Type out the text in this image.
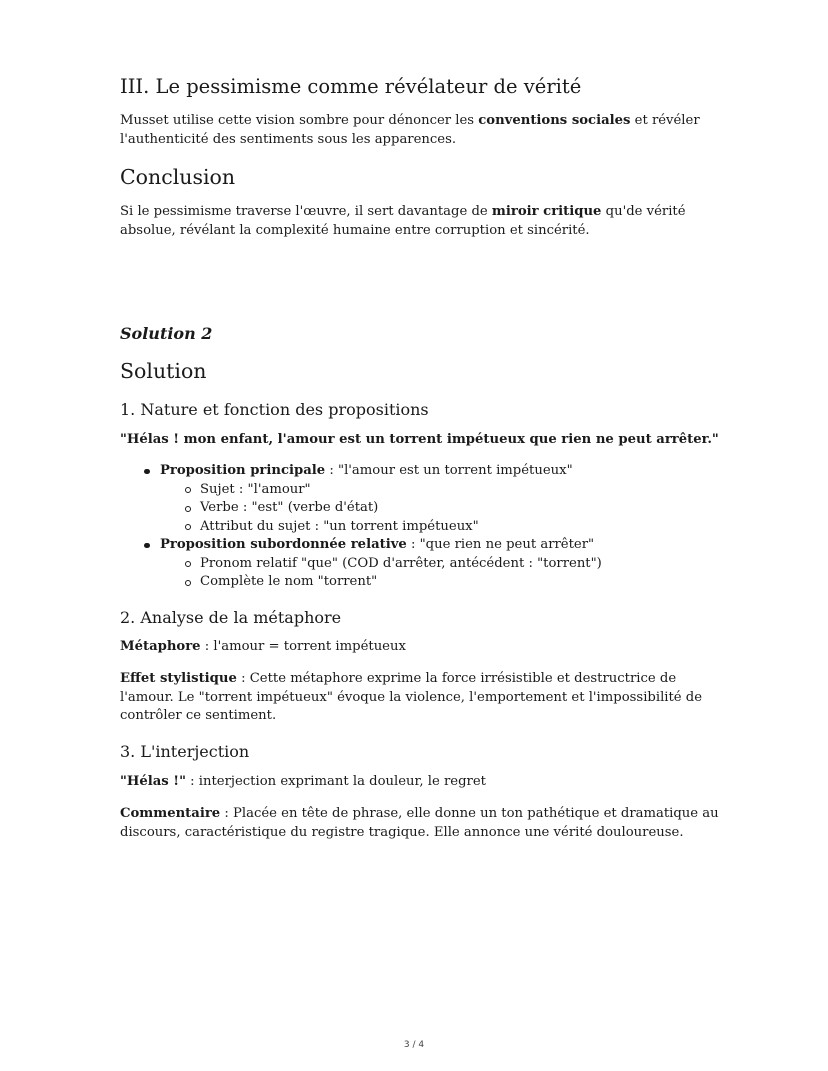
III. Le pessimisme comme révélateur de vérité

Musset utilise cette vision sombre pour dénoncer les conventions sociales et révéler l'authenticité des sentiments sous les apparences.

Conclusion

Si le pessimisme traverse l'œuvre, il sert davantage de miroir critique qu'de vérité absolue, révélant la complexité humaine entre corruption et sincérité.

Solution 2
Solution
1. Nature et fonction des propositions

"Hélas ! mon enfant, l'amour est un torrent impétueux que rien ne peut arrêter."

Proposition principale : "l'amour est un torrent impétueux"
Sujet : "l'amour"
Verbe : "est" (verbe d'état)
Attribut du sujet : "un torrent impétueux"
Proposition subordonnée relative : "que rien ne peut arrêter"
Pronom relatif "que" (COD d'arrêter, antécédent : "torrent")
Complète le nom "torrent"
2. Analyse de la métaphore

Métaphore : l'amour = torrent impétueux

Effet stylistique : Cette métaphore exprime la force irrésistible et destructrice de l'amour. Le "torrent impétueux" évoque la violence, l'emportement et l'impossibilité de contrôler ce sentiment.

3. L'interjection

"Hélas !" : interjection exprimant la douleur, le regret

Commentaire : Placée en tête de phrase, elle donne un ton pathétique et dramatique au discours, caractéristique du registre tragique. Elle annonce une vérité douloureuse.

3 / 4
